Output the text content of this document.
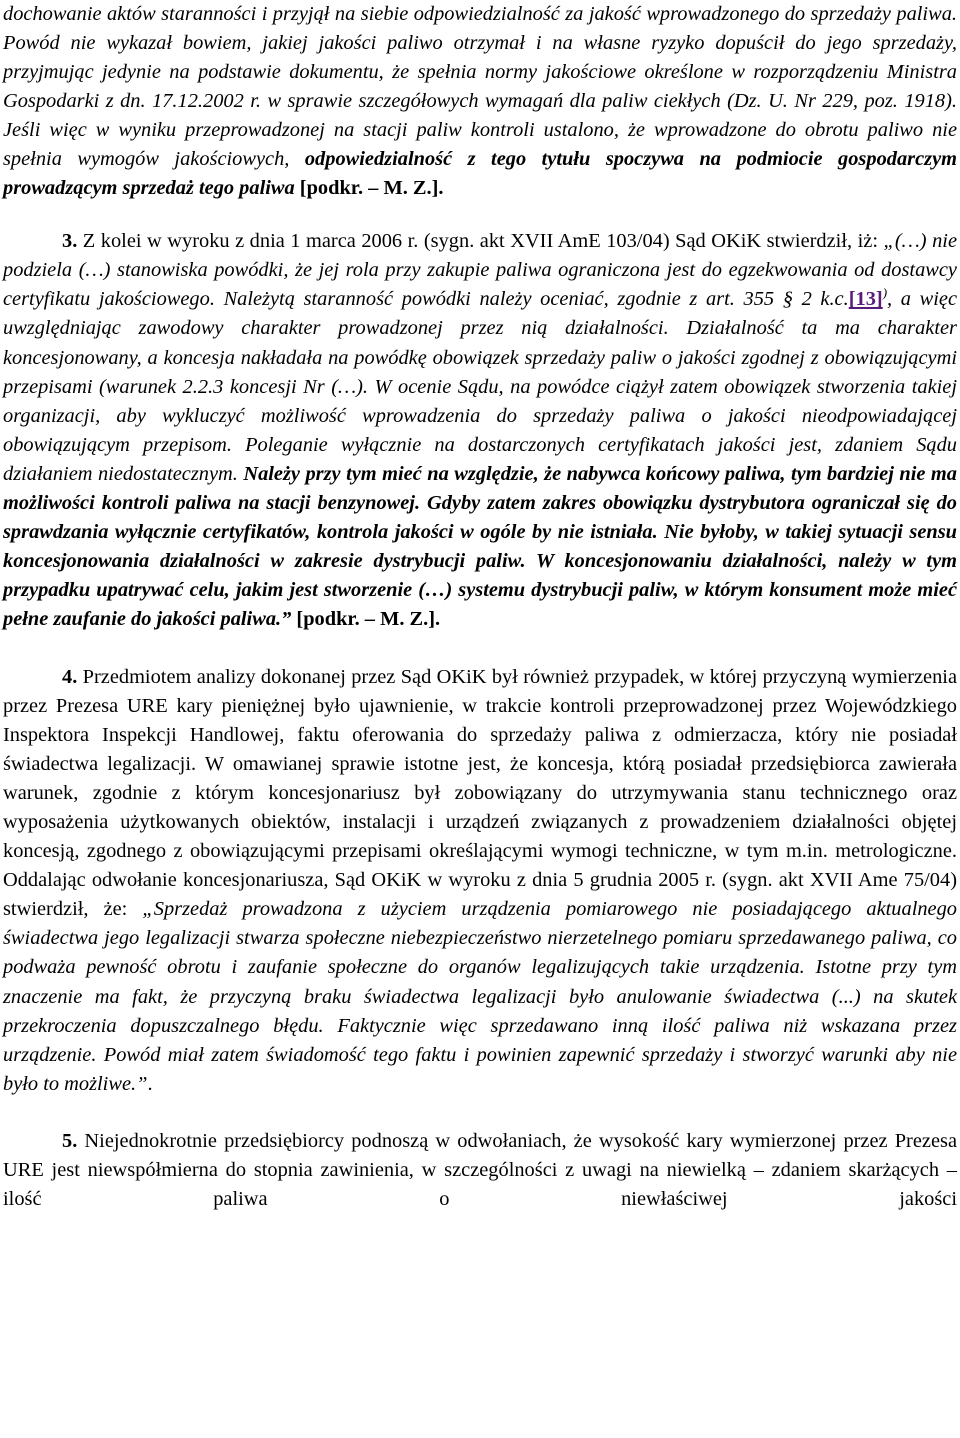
dochowanie aktów staranności i przyjął na siebie odpowiedzialność za jakość wprowadzonego do sprzedaży paliwa. Powód nie wykazał bowiem, jakiej jakości paliwo otrzymał i na własne ryzyko dopuścił do jego sprzedaży, przyjmując jedynie na podstawie dokumentu, że spełnia normy jakościowe określone w rozporządzeniu Ministra Gospodarki z dn. 17.12.2002 r. w sprawie szczegółowych wymagań dla paliw ciekłych (Dz. U. Nr 229, poz. 1918). Jeśli więc w wyniku przeprowadzonej na stacji paliw kontroli ustalono, że wprowadzone do obrotu paliwo nie spełnia wymogów jakościowych, odpowiedzialność z tego tytułu spoczywa na podmiocie gospodarczym prowadzącym sprzedaż tego paliwa [podkr. – M. Z.].

3. Z kolei w wyroku z dnia 1 marca 2006 r. (sygn. akt XVII AmE 103/04) Sąd OKiK stwierdził, iż: „(…) nie podziela (…) stanowiska powódki, że jej rola przy zakupie paliwa ograniczona jest do egzekwowania od dostawcy certyfikatu jakościowego. Należytą staranność powódki należy oceniać, zgodnie z art. 355 § 2 k.c.[13]), a więc uwzględniając zawodowy charakter prowadzonej przez nią działalności. Działalność ta ma charakter koncesjonowany, a koncesja nakładała na powódkę obowiązek sprzedaży paliw o jakości zgodnej z obowiązującymi przepisami (warunek 2.2.3 koncesji Nr (…). W ocenie Sądu, na powódce ciążył zatem obowiązek stworzenia takiej organizacji, aby wykluczyć możliwość wprowadzenia do sprzedaży paliwa o jakości nieodpowiadającej obowiązującym przepisom. Poleganie wyłącznie na dostarczonych certyfikatach jakości jest, zdaniem Sądu działaniem niedostatecznym. Należy przy tym mieć na względzie, że nabywca końcowy paliwa, tym bardziej nie ma możliwości kontroli paliwa na stacji benzynowej. Gdyby zatem zakres obowiązku dystrybutora ograniczał się do sprawdzania wyłącznie certyfikatów, kontrola jakości w ogóle by nie istniała. Nie byłoby, w takiej sytuacji sensu koncesjonowania działalności w zakresie dystrybucji paliw. W koncesjonowaniu działalności, należy w tym przypadku upatrywać celu, jakim jest stworzenie (…) systemu dystrybucji paliw, w którym konsument może mieć pełne zaufanie do jakości paliwa.” [podkr. – M. Z.].

4. Przedmiotem analizy dokonanej przez Sąd OKiK był również przypadek, w której przyczyną wymierzenia przez Prezesa URE kary pieniężnej było ujawnienie, w trakcie kontroli przeprowadzonej przez Wojewódzkiego Inspektora Inspekcji Handlowej, faktu oferowania do sprzedaży paliwa z odmierzacza, który nie posiadał świadectwa legalizacji. W omawianej sprawie istotne jest, że koncesja, którą posiadał przedsiębiorca zawierała warunek, zgodnie z którym koncesjonariusz był zobowiązany do utrzymywania stanu technicznego oraz wyposażenia użytkowanych obiektów, instalacji i urządzeń związanych z prowadzeniem działalności objętej koncesją, zgodnego z obowiązującymi przepisami określającymi wymogi techniczne, w tym m.in. metrologiczne. Oddalając odwołanie koncesjonariusza, Sąd OKiK w wyroku z dnia 5 grudnia 2005 r. (sygn. akt XVII Ame 75/04) stwierdził, że: „Sprzedaż prowadzona z użyciem urządzenia pomiarowego nie posiadającego aktualnego świadectwa jego legalizacji stwarza społeczne niebezpieczeństwo nierzetelnego pomiaru sprzedawanego paliwa, co podważa pewność obrotu i zaufanie społeczne do organów legalizujących takie urządzenia. Istotne przy tym znaczenie ma fakt, że przyczyną braku świadectwa legalizacji było anulowanie świadectwa (...) na skutek przekroczenia dopuszczalnego błędu. Faktycznie więc sprzedawano inną ilość paliwa niż wskazana przez urządzenie. Powód miał zatem świadomość tego faktu i powinien zapewnić sprzedaży i stworzyć warunki aby nie było to możliwe.”.

5. Niejednokrotnie przedsiębiorcy podnoszą w odwołaniach, że wysokość kary wymierzonej przez Prezesa URE jest niewspółmierna do stopnia zawinienia, w szczególności z uwagi na niewielką – zdaniem skarżących – ilość paliwa o niewłaściwej jakości
